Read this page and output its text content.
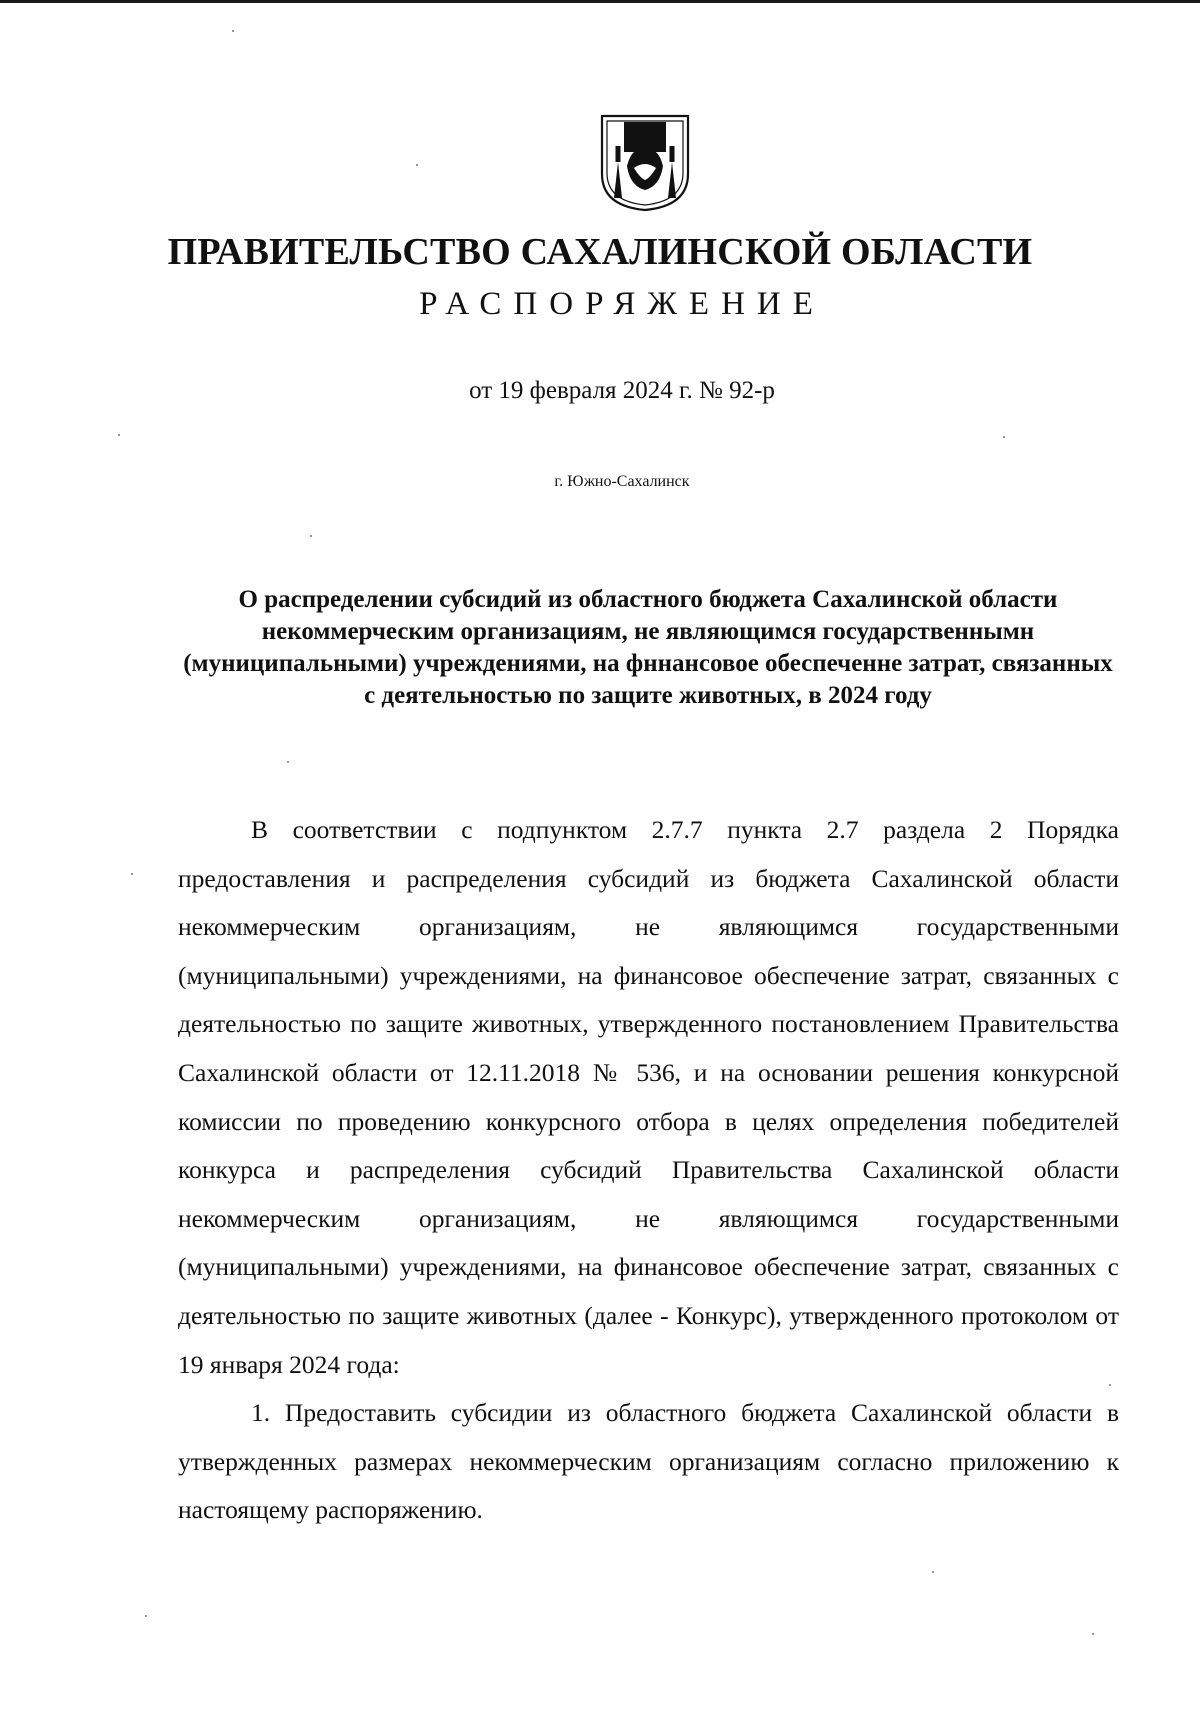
ПРАВИТЕЛЬСТВО САХАЛИНСКОЙ ОБЛАСТИ
РАСПОРЯЖЕНИЕ
от 19 февраля 2024 г. № 92-р
г. Южно-Сахалинск
О распределении субсидий из областного бюджета Сахалинской области некоммерческим организациям, не являющимся государственнымн (муниципальными) учреждениями, на фннансовое обеспеченне затрат, связанных с деятельностью по защите животных, в 2024 году

В соответствии с подпунктом 2.7.7 пункта 2.7 раздела 2 Порядка предоставления и распределения субсидий из бюджета Сахалинской области некоммерческим организациям, не являющимся государственными (муниципальными) учреждениями, на финансовое обеспечение затрат, связанных с деятельностью по защите животных, утвержденного постановлением Правительства Сахалинской области от 12.11.2018 № 536, и на основании решения конкурсной комиссии по проведению конкурсного отбора в целях определения победителей конкурса и распределения субсидий Правительства Сахалинской области некоммерческим организациям, не являющимся государственными (муниципальными) учреждениями, на финансовое обеспечение затрат, связанных с деятельностью по защите животных (далее - Конкурс), утвержденного протоколом от 19 января 2024 года:

1. Предоставить субсидии из областного бюджета Сахалинской области в утвержденных размерах некоммерческим организациям согласно приложению к настоящему распоряжению.
